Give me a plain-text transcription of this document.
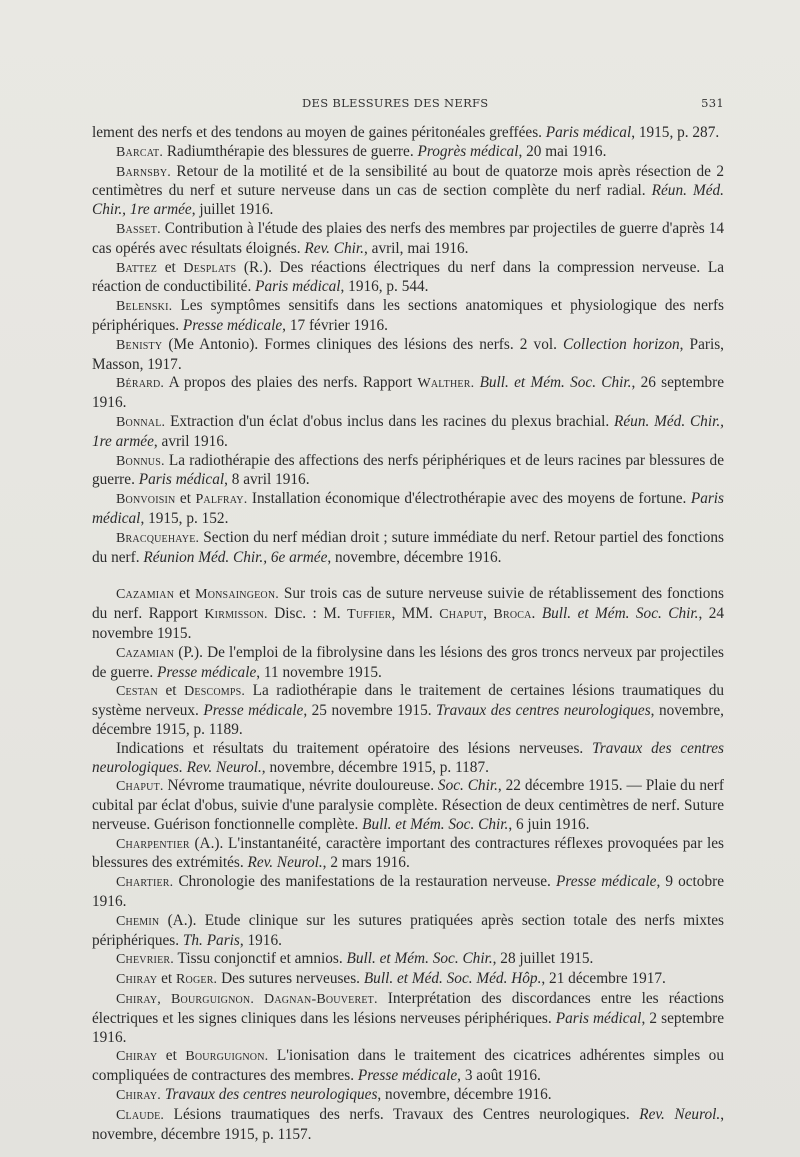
DES BLESSURES DES NERFS	531

lement des nerfs et des tendons au moyen de gaines péritonéales greffées. Paris médical, 1915, p. 287.

Barcat. Radiumthérapie des blessures de guerre. Progrès médical, 20 mai 1916.

Barnsby. Retour de la motilité et de la sensibilité au bout de quatorze mois après résection de 2 centimètres du nerf et suture nerveuse dans un cas de section complète du nerf radial. Réun. Méd. Chir., 1re armée, juillet 1916.

Basset. Contribution à l'étude des plaies des nerfs des membres par projectiles de guerre d'après 14 cas opérés avec résultats éloignés. Rev. Chir., avril, mai 1916.

Battez et Desplats (R.). Des réactions électriques du nerf dans la compression nerveuse. La réaction de conductibilité. Paris médical, 1916, p. 544.

Belenski. Les symptômes sensitifs dans les sections anatomiques et physiologique des nerfs périphériques. Presse médicale, 17 février 1916.

Benisty (Me Antonio). Formes cliniques des lésions des nerfs. 2 vol. Collection horizon, Paris, Masson, 1917.

Bérard. A propos des plaies des nerfs. Rapport Walther. Bull. et Mém. Soc. Chir., 26 septembre 1916.

Bonnal. Extraction d'un éclat d'obus inclus dans les racines du plexus brachial. Réun. Méd. Chir., 1re armée, avril 1916.

Bonnus. La radiothérapie des affections des nerfs périphériques et de leurs racines par blessures de guerre. Paris médical, 8 avril 1916.

Bonvoisin et Palfray. Installation économique d'électrothérapie avec des moyens de fortune. Paris médical, 1915, p. 152.

Bracquehaye. Section du nerf médian droit ; suture immédiate du nerf. Retour partiel des fonctions du nerf. Réunion Méd. Chir., 6e armée, novembre, décembre 1916.

Cazamian et Monsaingeon. Sur trois cas de suture nerveuse suivie de rétablissement des fonctions du nerf. Rapport Kirmisson. Disc. : M. Tuffier, MM. Chaput, Broca. Bull. et Mém. Soc. Chir., 24 novembre 1915.

Cazamian (P.). De l'emploi de la fibrolysine dans les lésions des gros troncs nerveux par projectiles de guerre. Presse médicale, 11 novembre 1915.

Cestan et Descomps. La radiothérapie dans le traitement de certaines lésions traumatiques du système nerveux. Presse médicale, 25 novembre 1915. Travaux des centres neurologiques, novembre, décembre 1915, p. 1189.

Indications et résultats du traitement opératoire des lésions nerveuses. Travaux des centres neurologiques. Rev. Neurol., novembre, décembre 1915, p. 1187.

Chaput. Névrome traumatique, névrite douloureuse. Soc. Chir., 22 décembre 1915. — Plaie du nerf cubital par éclat d'obus, suivie d'une paralysie complète. Résection de deux centimètres de nerf. Suture nerveuse. Guérison fonctionnelle complète. Bull. et Mém. Soc. Chir., 6 juin 1916.

Charpentier (A.). L'instantanéité, caractère important des contractures réflexes provoquées par les blessures des extrémités. Rev. Neurol., 2 mars 1916.

Chartier. Chronologie des manifestations de la restauration nerveuse. Presse médicale, 9 octobre 1916.

Chemin (A.). Etude clinique sur les sutures pratiquées après section totale des nerfs mixtes périphériques. Th. Paris, 1916.

Chevrier. Tissu conjonctif et amnios. Bull. et Mém. Soc. Chir., 28 juillet 1915.

Chiray et Roger. Des sutures nerveuses. Bull. et Méd. Soc. Méd. Hôp., 21 décembre 1917.

Chiray, Bourguignon. Dagnan-Bouveret. Interprétation des discordances entre les réactions électriques et les signes cliniques dans les lésions nerveuses périphériques. Paris médical, 2 septembre 1916.

Chiray et Bourguignon. L'ionisation dans le traitement des cicatrices adhérentes simples ou compliquées de contractures des membres. Presse médicale, 3 août 1916.

Chiray. Travaux des centres neurologiques, novembre, décembre 1916.

Claude. Lésions traumatiques des nerfs. Travaux des Centres neurologiques. Rev. Neurol., novembre, décembre 1915, p. 1157.
